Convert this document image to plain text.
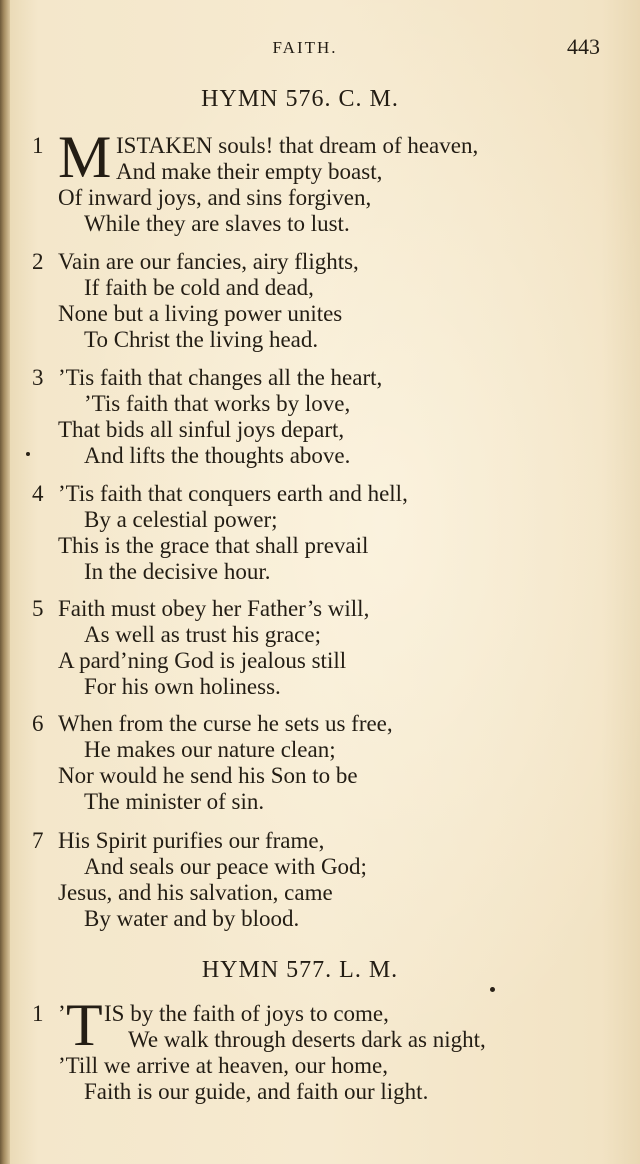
FAITH.	443
HYMN 576. C. M.
1 M ISTAKEN souls! that dream of heaven,
And make their empty boast,
Of inward joys, and sins forgiven,
While they are slaves to lust.
2 Vain are our fancies, airy flights,
If faith be cold and dead,
None but a living power unites
To Christ the living head.
3 ’Tis faith that changes all the heart,
’Tis faith that works by love,
That bids all sinful joys depart,
And lifts the thoughts above.
4 ’Tis faith that conquers earth and hell,
By a celestial power;
This is the grace that shall prevail
In the decisive hour.
5 Faith must obey her Father’s will,
As well as trust his grace;
A pard’ning God is jealous still
For his own holiness.
6 When from the curse he sets us free,
He makes our nature clean;
Nor would he send his Son to be
The minister of sin.
7 His Spirit purifies our frame,
And seals our peace with God;
Jesus, and his salvation, came
By water and by blood.
HYMN 577. L. M.
1 ’ T IS by the faith of joys to come,
We walk through deserts dark as night,
’Till we arrive at heaven, our home,
Faith is our guide, and faith our light.
